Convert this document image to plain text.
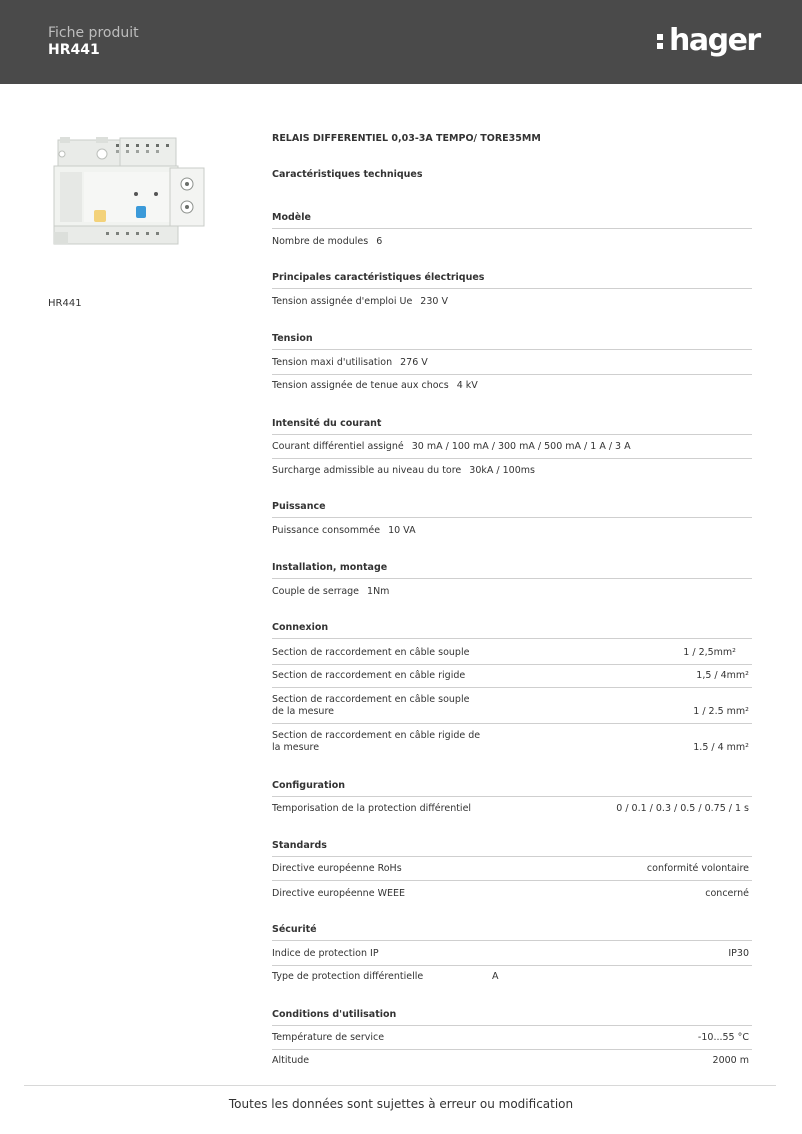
Fiche produit
HR441	hager
HR441
RELAIS DIFFERENTIEL 0,03-3A TEMPO/ TORE35MM
Caractéristiques techniques
Modèle
Nombre de modules 6
Principales caractéristiques électriques
Tension assignée d'emploi Ue 230 V
Tension
Tension maxi d'utilisation 276 V
Tension assignée de tenue aux chocs 4 kV
Intensité du courant
Courant différentiel assigné 30 mA / 100 mA / 300 mA / 500 mA / 1 A / 3 A
Surcharge admissible au niveau du tore 30kA / 100ms
Puissance
Puissance consommée 10 VA
Installation, montage
Couple de serrage 1Nm
Connexion
Section de raccordement en câble souple	1 / 2,5mm²
Section de raccordement en câble rigide	1,5 / 4mm²
Section de raccordement en câble souple
de la mesure	1 / 2.5 mm²
Section de raccordement en câble rigide de
la mesure	1.5 / 4 mm²
Configuration
Temporisation de la protection différentiel	0 / 0.1 / 0.3 / 0.5 / 0.75 / 1 s
Standards
Directive européenne RoHs	conformité volontaire
Directive européenne WEEE	concerné
Sécurité
Indice de protection IP	IP30
Type de protection différentielle	A
Conditions d'utilisation
Température de service	-10...55 °C
Altitude	2000 m
Toutes les données sont sujettes à erreur ou modification
